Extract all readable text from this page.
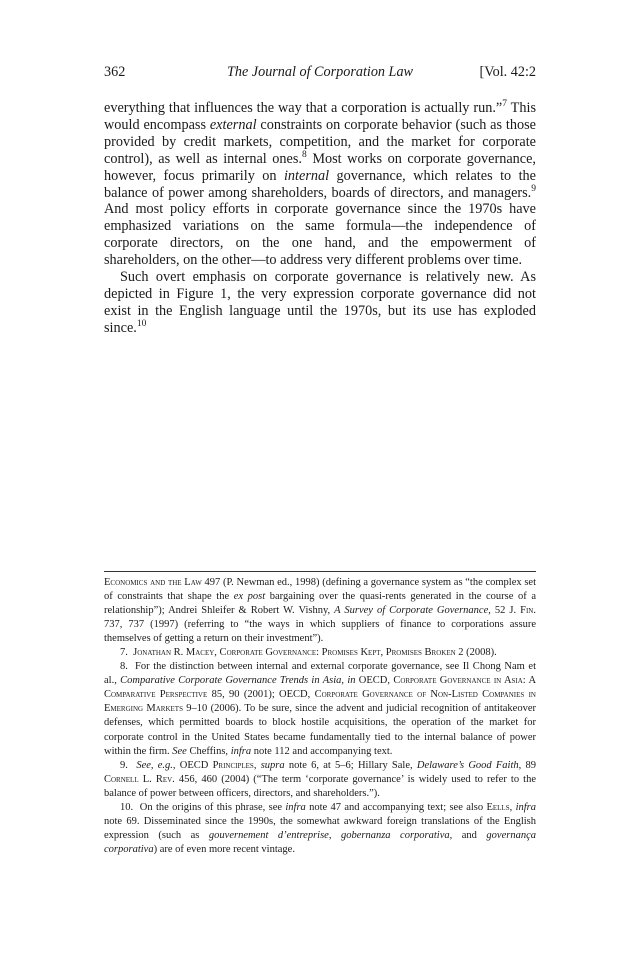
362	The Journal of Corporation Law	[Vol. 42:2

everything that influences the way that a corporation is actually run.”$^7$ This would encompass external constraints on corporate behavior (such as those provided by credit markets, competition, and the market for corporate control), as well as internal ones.$^8$ Most works on corporate governance, however, focus primarily on internal governance, which relates to the balance of power among shareholders, boards of directors, and managers.$^9$ And most policy efforts in corporate governance since the 1970s have emphasized variations on the same formula—the independence of corporate directors, on the one hand, and the empowerment of shareholders, on the other—to address very different problems over time.

Such overt emphasis on corporate governance is relatively new. As depicted in Figure 1, the very expression corporate governance did not exist in the English language until the 1970s, but its use has exploded since.$^{10}$

Economics and the Law 497 (P. Newman ed., 1998) (defining a governance system as “the complex set of constraints that shape the ex post bargaining over the quasi-rents generated in the course of a relationship”); Andrei Shleifer & Robert W. Vishny, A Survey of Corporate Governance, 52 J. Fin. 737, 737 (1997) (referring to “the ways in which suppliers of finance to corporations assure themselves of getting a return on their investment”).

7.  Jonathan R. Macey, Corporate Governance: Promises Kept, Promises Broken 2 (2008).

8.  For the distinction between internal and external corporate governance, see Il Chong Nam et al., Comparative Corporate Governance Trends in Asia, in OECD, Corporate Governance in Asia: A Comparative Perspective 85, 90 (2001); OECD, Corporate Governance of Non-Listed Companies in Emerging Markets 9–10 (2006). To be sure, since the advent and judicial recognition of antitakeover defenses, which permitted boards to block hostile acquisitions, the operation of the market for corporate control in the United States became fundamentally tied to the internal balance of power within the firm. See Cheffins, infra note 112 and accompanying text.

9.  See, e.g., OECD Principles, supra note 6, at 5–6; Hillary Sale, Delaware’s Good Faith, 89 Cornell L. Rev. 456, 460 (2004) (“The term ‘corporate governance’ is widely used to refer to the balance of power between officers, directors, and shareholders.”).

10.  On the origins of this phrase, see infra note 47 and accompanying text; see also Eells, infra note 69. Disseminated since the 1990s, the somewhat awkward foreign translations of the English expression (such as gouvernement d’entreprise, gobernanza corporativa, and governança corporativa) are of even more recent vintage.
